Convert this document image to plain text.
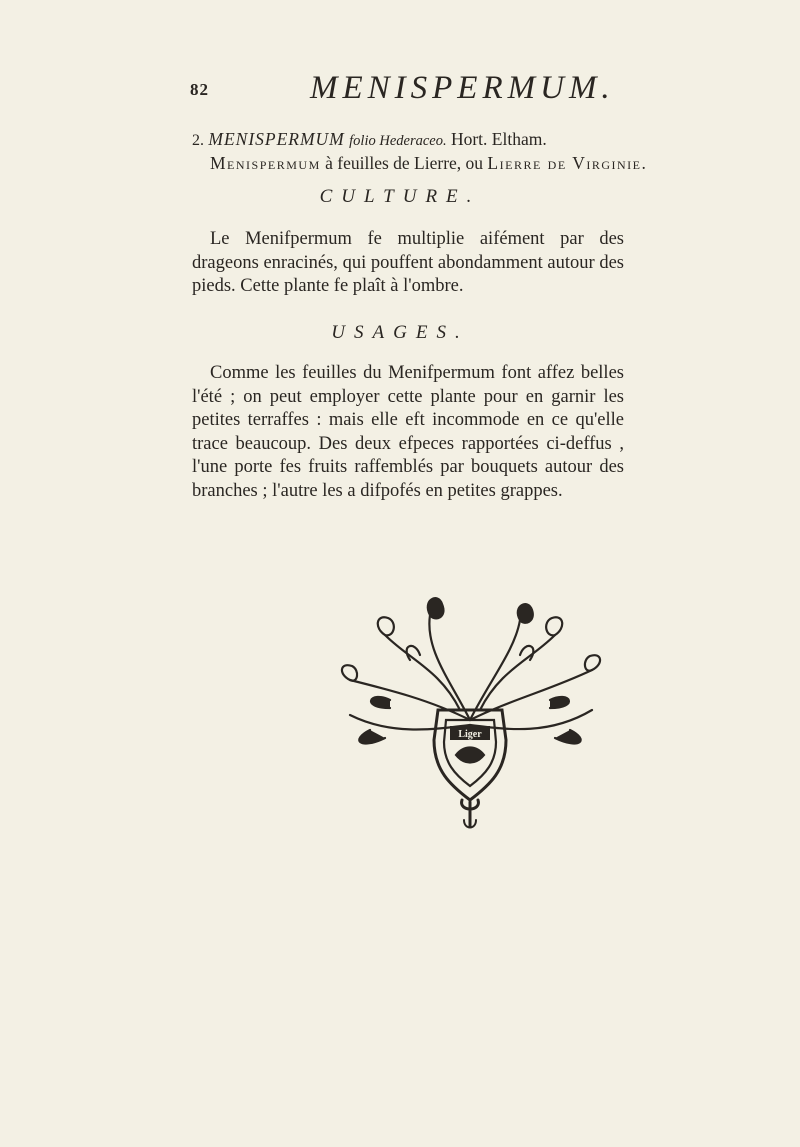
82	MENISPERMUM.
2. MENISPERMUM folio Hederaceo. Hort. Eltham.
Menispermum à feuilles de Lierre, ou Lierre de Virginie.
CULTURE.
Le Menifpermum fe multiplie aifément par des drageons enracinés, qui pouffent abondamment autour des pieds. Cette plante fe plaît à l'ombre.
USAGES.
Comme les feuilles du Menifpermum font affez belles l'été ; on peut employer cette plante pour en garnir les petites terraffes : mais elle eft incommode en ce qu'elle trace beaucoup. Des deux efpeces rapportées ci-deffus , l'une porte fes fruits raffemblés par bouquets autour des branches ; l'autre les a difpofés en petites grappes.
Liger
